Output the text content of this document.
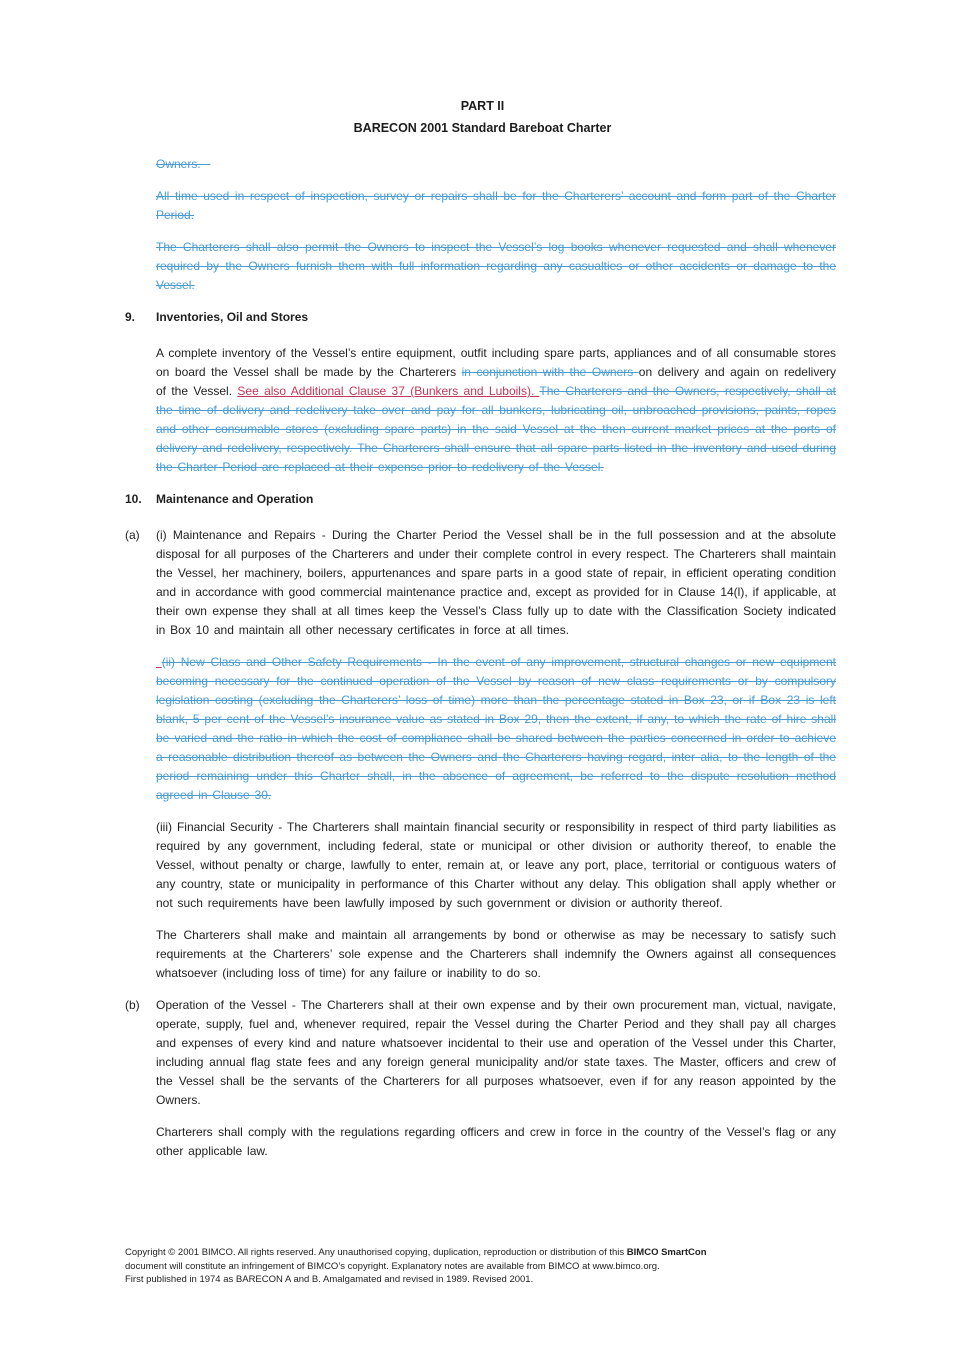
PART II
BARECON 2001 Standard Bareboat Charter

Owners.

All time used in respect of inspection, survey or repairs shall be for the Charterers’ account and form part of the Charter Period.

The Charterers shall also permit the Owners to inspect the Vessel’s log books whenever requested and shall whenever required by the Owners furnish them with full information regarding any casualties or other accidents or damage to the Vessel.

9.	Inventories, Oil and Stores

A complete inventory of the Vessel’s entire equipment, outfit including spare parts, appliances and of all consumable stores on board the Vessel shall be made by the Charterers in conjunction with the Owners on delivery and again on redelivery of the Vessel. See also Additional Clause 37 (Bunkers and Luboils). The Charterers and the Owners, respectively, shall at the time of delivery and redelivery take over and pay for all bunkers, lubricating oil, unbroached provisions, paints, ropes and other consumable stores (excluding spare parts) in the said Vessel at the then current market prices at the ports of delivery and redelivery, respectively. The Charterers shall ensure that all spare parts listed in the inventory and used during the Charter Period are replaced at their expense prior to redelivery of the Vessel.

10.	Maintenance and Operation
(a)	(i) Maintenance and Repairs - During the Charter Period the Vessel shall be in the full possession and at the absolute disposal for all purposes of the Charterers and under their complete control in every respect. The Charterers shall maintain the Vessel, her machinery, boilers, appurtenances and spare parts in a good state of repair, in efficient operating condition and in accordance with good commercial maintenance practice and, except as provided for in Clause 14(l), if applicable, at their own expense they shall at all times keep the Vessel’s Class fully up to date with the Classification Society indicated in Box 10 and maintain all other necessary certificates in force at all times.

(ii) New Class and Other Safety Requirements - In the event of any improvement, structural changes or new equipment becoming necessary for the continued operation of the Vessel by reason of new class requirements or by compulsory legislation costing (excluding the Charterers’ loss of time) more than the percentage stated in Box 23, or if Box 23 is left blank, 5 per cent of the Vessel’s insurance value as stated in Box 29, then the extent, if any, to which the rate of hire shall be varied and the ratio in which the cost of compliance shall be shared between the parties concerned in order to achieve a reasonable distribution thereof as between the Owners and the Charterers having regard, inter alia, to the length of the period remaining under this Charter shall, in the absence of agreement, be referred to the dispute resolution method agreed in Clause 30.

(iii) Financial Security - The Charterers shall maintain financial security or responsibility in respect of third party liabilities as required by any government, including federal, state or municipal or other division or authority thereof, to enable the Vessel, without penalty or charge, lawfully to enter, remain at, or leave any port, place, territorial or contiguous waters of any country, state or municipality in performance of this Charter without any delay. This obligation shall apply whether or not such requirements have been lawfully imposed by such government or division or authority thereof.

The Charterers shall make and maintain all arrangements by bond or otherwise as may be necessary to satisfy such requirements at the Charterers’ sole expense and the Charterers shall indemnify the Owners against all consequences whatsoever (including loss of time) for any failure or inability to do so.

(b)	Operation of the Vessel - The Charterers shall at their own expense and by their own procurement man, victual, navigate, operate, supply, fuel and, whenever required, repair the Vessel during the Charter Period and they shall pay all charges and expenses of every kind and nature whatsoever incidental to their use and operation of the Vessel under this Charter, including annual flag state fees and any foreign general municipality and/or state taxes. The Master, officers and crew of the Vessel shall be the servants of the Charterers for all purposes whatsoever, even if for any reason appointed by the Owners.

Charterers shall comply with the regulations regarding officers and crew in force in the country of the Vessel’s flag or any other applicable law.

Copyright © 2001 BIMCO. All rights reserved. Any unauthorised copying, duplication, reproduction or distribution of this BIMCO SmartCon

document will constitute an infringement of BIMCO’s copyright. Explanatory notes are available from BIMCO at www.bimco.org.

First published in 1974 as BARECON A and B. Amalgamated and revised in 1989. Revised 2001.
